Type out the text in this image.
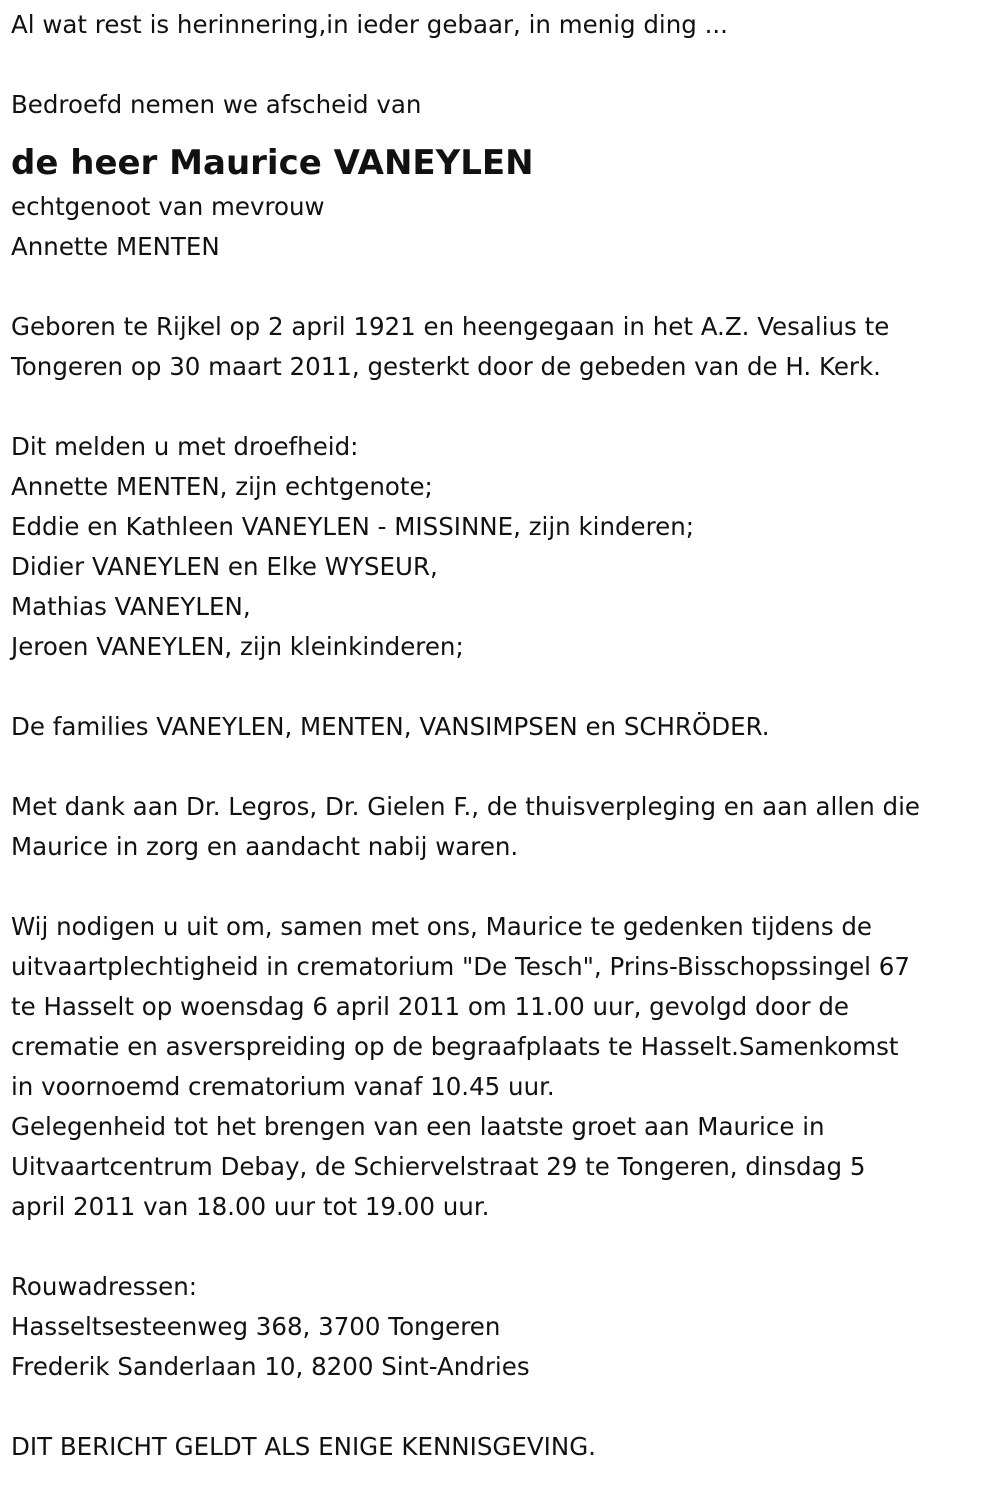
Al wat rest is herinnering,in ieder gebaar, in menig ding ...
Bedroefd nemen we afscheid van
de heer Maurice VANEYLEN
echtgenoot van mevrouw
Annette MENTEN
Geboren te Rijkel op 2 april 1921 en heengegaan in het A.Z. Vesalius te
Tongeren op 30 maart 2011, gesterkt door de gebeden van de H. Kerk.
Dit melden u met droefheid:
Annette MENTEN, zijn echtgenote;
Eddie en Kathleen VANEYLEN - MISSINNE, zijn kinderen;
Didier VANEYLEN en Elke WYSEUR,
Mathias VANEYLEN,
Jeroen VANEYLEN, zijn kleinkinderen;
De families VANEYLEN, MENTEN, VANSIMPSEN en SCHRÖDER.
Met dank aan Dr. Legros, Dr. Gielen F., de thuisverpleging en aan allen die
Maurice in zorg en aandacht nabij waren.
Wij nodigen u uit om, samen met ons, Maurice te gedenken tijdens de
uitvaartplechtigheid in crematorium "De Tesch", Prins-Bisschopssingel 67
te Hasselt op woensdag 6 april 2011 om 11.00 uur, gevolgd door de
crematie en asverspreiding op de begraafplaats te Hasselt.Samenkomst
in voornoemd crematorium vanaf 10.45 uur.
Gelegenheid tot het brengen van een laatste groet aan Maurice in
Uitvaartcentrum Debay, de Schiervelstraat 29 te Tongeren, dinsdag 5
april 2011 van 18.00 uur tot 19.00 uur.
Rouwadressen:
Hasseltsesteenweg 368, 3700 Tongeren
Frederik Sanderlaan 10, 8200 Sint-Andries
DIT BERICHT GELDT ALS ENIGE KENNISGEVING.
